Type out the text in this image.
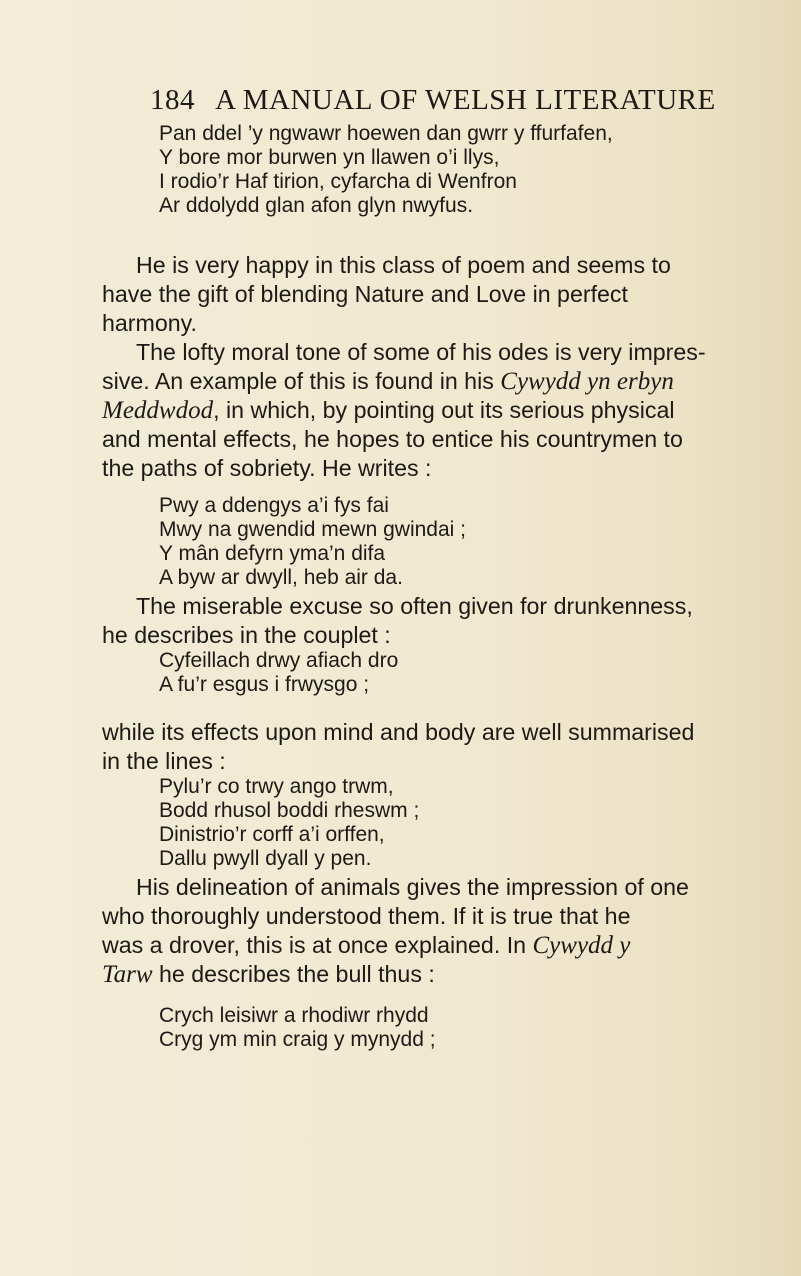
184 A MANUAL OF WELSH LITERATURE
Pan ddel ’y ngwawr hoewen dan gwrr y ffurfafen,
Y bore mor burwen yn llawen o’i llys,
I rodio’r Haf tirion, cyfarcha di Wenfron
Ar ddolydd glan afon glyn nwyfus.
He is very happy in this class of poem and seems to
have the gift of blending Nature and Love in perfect
harmony.
The lofty moral tone of some of his odes is very impres-
sive. An example of this is found in his Cywydd yn erbyn
Meddwdod, in which, by pointing out its serious physical
and mental effects, he hopes to entice his countrymen to
the paths of sobriety. He writes :
Pwy a ddengys a’i fys fai
Mwy na gwendid mewn gwindai ;
Y mân defyrn yma’n difa
A byw ar dwyll, heb air da.
The miserable excuse so often given for drunkenness,
he describes in the couplet :
Cyfeillach drwy afiach dro
A fu’r esgus i frwysgo ;
while its effects upon mind and body are well summarised
in the lines :
Pylu’r co trwy ango trwm,
Bodd rhusol boddi rheswm ;
Dinistrio’r corff a’i orffen,
Dallu pwyll dyall y pen.
His delineation of animals gives the impression of one
who thoroughly understood them. If it is true that he
was a drover, this is at once explained. In Cywydd y
Tarw he describes the bull thus :
Crych leisiwr a rhodiwr rhydd
Cryg ym min craig y mynydd ;
